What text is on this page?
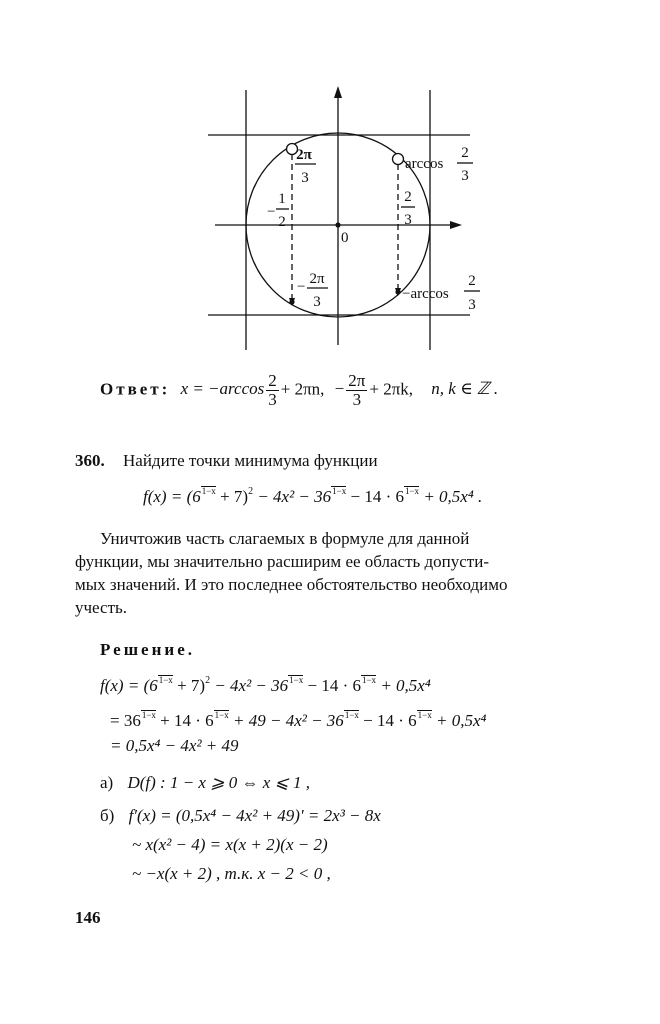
0
2π
3
arccos
2
3
−
1
2
2
3
− 2π
3	−arccos
2
3
Ответ: $x = -\arccos \frac{2}{3} + 2\pi n$, − $\frac{2\pi}{3} + 2\pi k$, n, k ∈ ℤ .
360. Найдите точки минимума функции
$f(x) = (6^{1-x} + 7)^2 - 4x^2 - 36^{1-x} - 14 \cdot 6^{1-x} + 0,5x^4$ .
Уничтожив часть слагаемых в формуле для данной
функции, мы значительно расширим ее область допусти-
мых значений. И это последнее обстоятельство необходимо
учесть.
Решение.
$f(x) = (6^{1-x} + 7)^2 - 4x^2 - 36^{1-x} - 14 \cdot 6^{1-x} + 0,5x^4$
= $36^{1-x} + 14 \cdot 6^{1-x} + 49 - 4x^2 - 36^{1-x} - 14 \cdot 6^{1-x} + 0,5x^4$
= 0,5x⁴ − 4x² + 49
а) D(f) : 1 − x ⩾ 0 ⇔ x ⩽ 1 ,
б) f′(x) = (0,5x⁴ − 4x² + 49)′ = 2x³ − 8x
~ x(x² − 4) = x(x + 2)(x − 2)
~ −x(x + 2) , т.к. x − 2 < 0 ,
146
